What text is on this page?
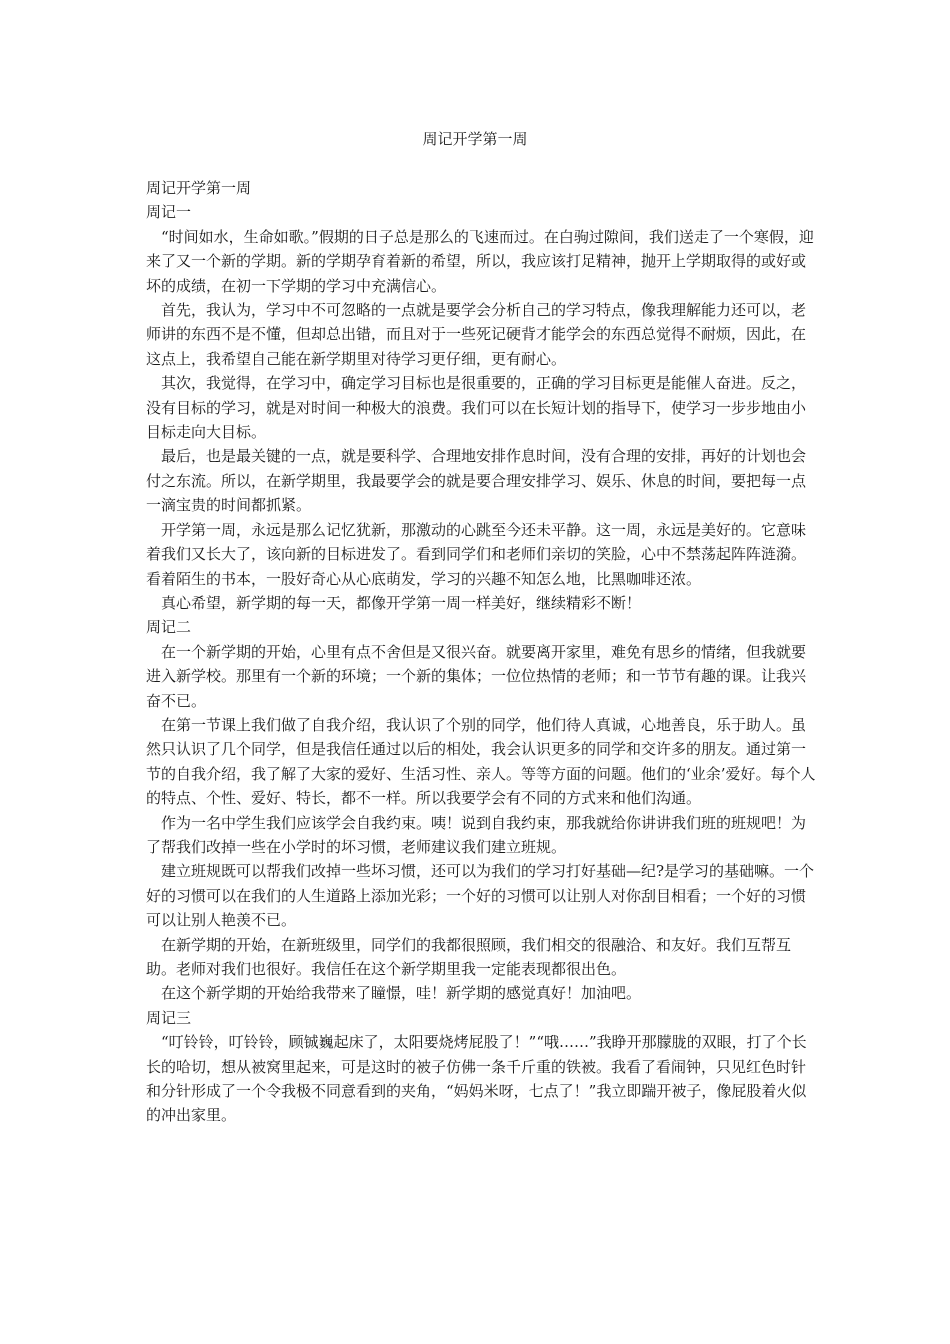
周记开学第一周

周记开学第一周

周记一

“时间如水，生命如歌。”假期的日子总是那么的飞速而过。在白驹过隙间，我们送走了一个寒假，迎来了又一个新的学期。新的学期孕育着新的希望，所以，我应该打足精神，抛开上学期取得的或好或坏的成绩，在初一下学期的学习中充满信心。

首先，我认为，学习中不可忽略的一点就是要学会分析自己的学习特点，像我理解能力还可以，老师讲的东西不是不懂，但却总出错，而且对于一些死记硬背才能学会的东西总觉得不耐烦，因此，在这点上，我希望自己能在新学期里对待学习更仔细，更有耐心。

其次，我觉得，在学习中，确定学习目标也是很重要的，正确的学习目标更是能催人奋进。反之，没有目标的学习，就是对时间一种极大的浪费。我们可以在长短计划的指导下，使学习一步步地由小目标走向大目标。

最后，也是最关键的一点，就是要科学、合理地安排作息时间，没有合理的安排，再好的计划也会付之东流。所以，在新学期里，我最要学会的就是要合理安排学习、娱乐、休息的时间，要把每一点一滴宝贵的时间都抓紧。

开学第一周，永远是那么记忆犹新，那激动的心跳至今还未平静。这一周，永远是美好的。它意味着我们又长大了，该向新的目标进发了。看到同学们和老师们亲切的笑脸，心中不禁荡起阵阵涟漪。看着陌生的书本，一股好奇心从心底萌发，学习的兴趣不知怎么地，比黑咖啡还浓。

真心希望，新学期的每一天，都像开学第一周一样美好，继续精彩不断！

周记二

在一个新学期的开始，心里有点不舍但是又很兴奋。就要离开家里，难免有思乡的情绪，但我就要进入新学校。那里有一个新的环境；一个新的集体；一位位热情的老师；和一节节有趣的课。让我兴奋不已。

在第一节课上我们做了自我介绍，我认识了个别的同学，他们待人真诚，心地善良，乐于助人。虽然只认识了几个同学，但是我信任通过以后的相处，我会认识更多的同学和交许多的朋友。通过第一节的自我介绍，我了解了大家的爱好、生活习性、亲人。等等方面的问题。他们的‘业余’爱好。每个人的特点、个性、爱好、特长，都不一样。所以我要学会有不同的方式来和他们沟通。

作为一名中学生我们应该学会自我约束。咦！说到自我约束，那我就给你讲讲我们班的班规吧！为了帮我们改掉一些在小学时的坏习惯，老师建议我们建立班规。

建立班规既可以帮我们改掉一些坏习惯，还可以为我们的学习打好基础—纪?是学习的基础嘛。一个好的习惯可以在我们的人生道路上添加光彩；一个好的习惯可以让别人对你刮目相看；一个好的习惯可以让别人艳羡不已。

在新学期的开始，在新班级里，同学们的我都很照顾，我们相交的很融洽、和友好。我们互帮互助。老师对我们也很好。我信任在这个新学期里我一定能表现都很出色。

在这个新学期的开始给我带来了瞳憬，哇！新学期的感觉真好！加油吧。

周记三

“叮铃铃，叮铃铃，顾铖巍起床了，太阳要烧烤屁股了！”“哦……”我睁开那朦胧的双眼，打了个长长的哈切，想从被窝里起来，可是这时的被子仿佛一条千斤重的铁被。我看了看闹钟，只见红色时针和分针形成了一个令我极不同意看到的夹角，“妈妈米呀，七点了！”我立即踹开被子，像屁股着火似的冲出家里。
